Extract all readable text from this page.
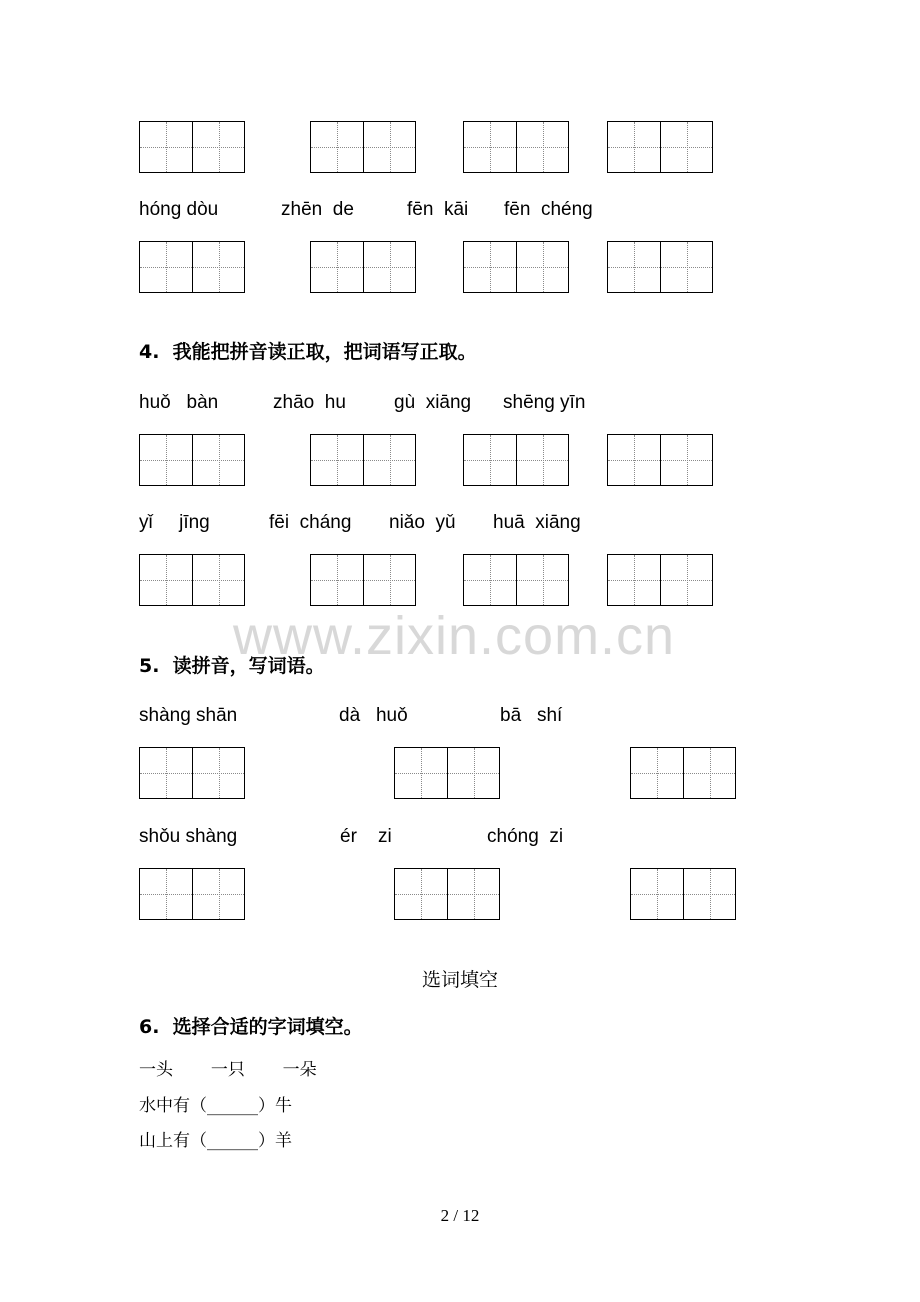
www.zixin.com.cn
hóng dòu	zhēn  de	fēn  kāi fēn  chéng
4.  我能把拼音读正取，把词语写正取。
huǒ   bàn	zhāo  hu	gù  xiāng shēng yīn
yǐ     jīng	fēi  cháng niǎo  yǔ huā  xiāng
5.  读拼音，写词语。
shàng shān	dà   huǒ	bā   shí
shǒu shàng	ér    zi	chóng  zi
选词填空
6.  选择合适的字词填空。
一头       一只       一朵
水中有（______）牛
山上有（______）羊
2 / 12
